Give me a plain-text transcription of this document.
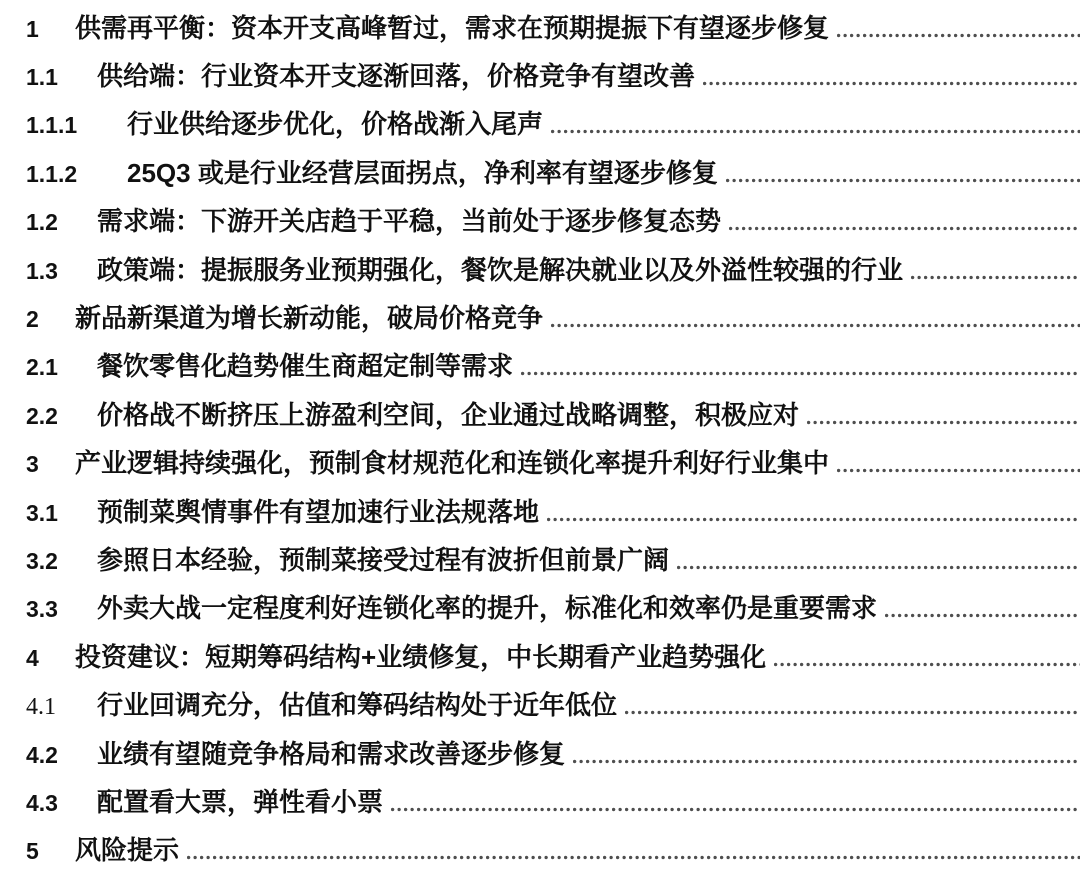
1	供需再平衡：资本开支高峰暂过，需求在预期提振下有望逐步修复
1.1	供给端：行业资本开支逐渐回落，价格竞争有望改善
1.1.1	行业供给逐步优化，价格战渐入尾声
1.1.2	25Q3 或是行业经营层面拐点，净利率有望逐步修复
1.2	需求端：下游开关店趋于平稳，当前处于逐步修复态势
1.3	政策端：提振服务业预期强化，餐饮是解决就业以及外溢性较强的行业
2	新品新渠道为增长新动能，破局价格竞争
2.1	餐饮零售化趋势催生商超定制等需求
2.2	价格战不断挤压上游盈利空间，企业通过战略调整，积极应对
3	产业逻辑持续强化，预制食材规范化和连锁化率提升利好行业集中
3.1	预制菜舆情事件有望加速行业法规落地
3.2	参照日本经验，预制菜接受过程有波折但前景广阔
3.3	外卖大战一定程度利好连锁化率的提升，标准化和效率仍是重要需求
4	投资建议：短期筹码结构+业绩修复，中长期看产业趋势强化
4.1	行业回调充分，估值和筹码结构处于近年低位
4.2	业绩有望随竞争格局和需求改善逐步修复
4.3	配置看大票，弹性看小票
5	风险提示
